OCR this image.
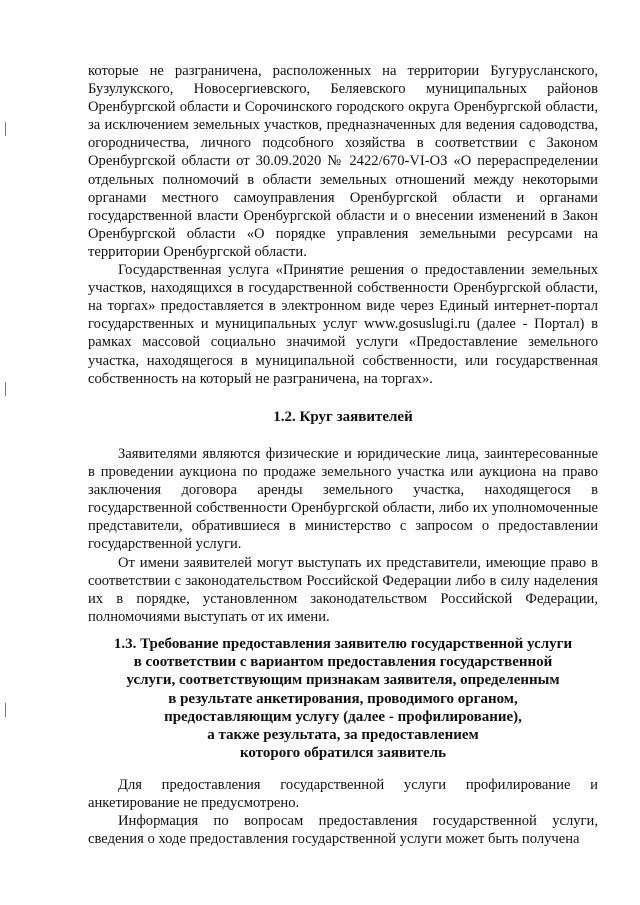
которые не разграничена, расположенных на территории Бугурусланского, Бузулукского, Новосергиевского, Беляевского муниципальных районов Оренбургской области и Сорочинского городского округа Оренбургской области, за исключением земельных участков, предназначенных для ведения садоводства, огородничества, личного подсобного хозяйства в соответствии с Законом Оренбургской области от 30.09.2020 № 2422/670-VI-ОЗ «О перераспределении отдельных полномочий в области земельных отношений между некоторыми органами местного самоуправления Оренбургской области и органами государственной власти Оренбургской области и о внесении изменений в Закон Оренбургской области «О порядке управления земельными ресурсами на территории Оренбургской области.

Государственная услуга «Принятие решения о предоставлении земельных участков, находящихся в государственной собственности Оренбургской области, на торгах» предоставляется в электронном виде через Единый интернет-портал государственных и муниципальных услуг www.gosuslugi.ru (далее - Портал) в рамках массовой социально значимой услуги «Предоставление земельного участка, находящегося в муниципальной собственности, или государственная собственность на который не разграничена, на торгах».

1.2. Круг заявителей

Заявителями являются физические и юридические лица, заинтересованные в проведении аукциона по продаже земельного участка или аукциона на право заключения договора аренды земельного участка, находящегося в государственной собственности Оренбургской области, либо их уполномоченные представители, обратившиеся в министерство с запросом о предоставлении государственной услуги.

От имени заявителей могут выступать их представители, имеющие право в соответствии с законодательством Российской Федерации либо в силу наделения их в порядке, установленном законодательством Российской Федерации, полномочиями выступать от их имени.

1.3. Требование предоставления заявителю государственной услуги
в соответствии с вариантом предоставления государственной
услуги, соответствующим признакам заявителя, определенным
в результате анкетирования, проводимого органом,
предоставляющим услугу (далее - профилирование),
а также результата, за предоставлением
которого обратился заявитель

Для предоставления государственной услуги профилирование и анкетирование не предусмотрено.

Информация по вопросам предоставления государственной услуги, сведения о ходе предоставления государственной услуги может быть получена
